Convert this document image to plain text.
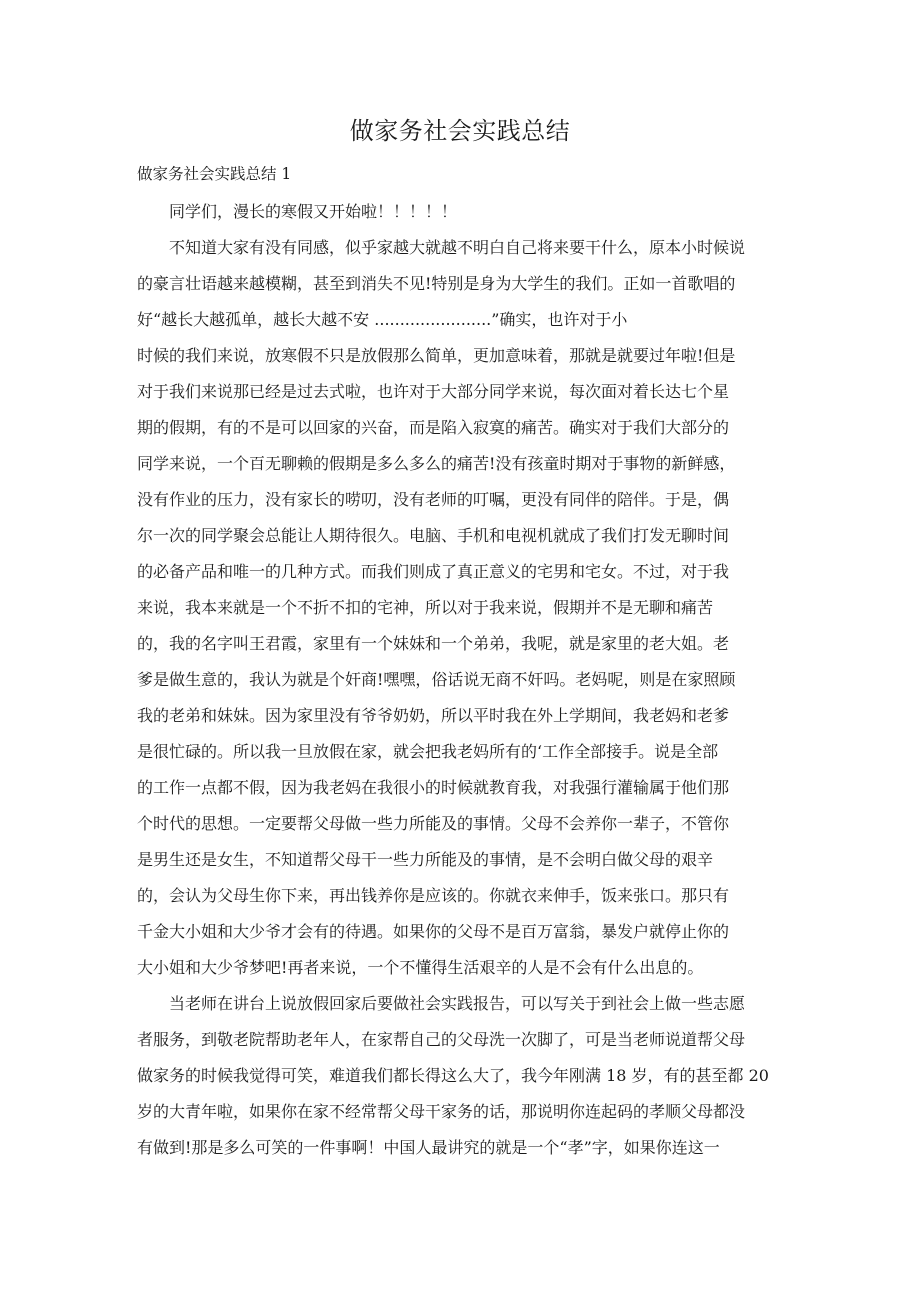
做家务社会实践总结
做家务社会实践总结 1
　　同学们，漫长的寒假又开始啦！！！！！
　　不知道大家有没有同感，似乎家越大就越不明白自己将来要干什么，原本小时候说
的豪言壮语越来越模糊，甚至到消失不见!特别是身为大学生的我们。正如一首歌唱的
好“越长大越孤单，越长大越不安 .......................”确实，也许对于小
时候的我们来说，放寒假不只是放假那么简单，更加意味着，那就是就要过年啦!但是
对于我们来说那已经是过去式啦，也许对于大部分同学来说，每次面对着长达七个星
期的假期，有的不是可以回家的兴奋，而是陷入寂寞的痛苦。确实对于我们大部分的
同学来说，一个百无聊赖的假期是多么多么的痛苦!没有孩童时期对于事物的新鲜感，
没有作业的压力，没有家长的唠叨，没有老师的叮嘱，更没有同伴的陪伴。于是，偶
尔一次的同学聚会总能让人期待很久。电脑、手机和电视机就成了我们打发无聊时间
的必备产品和唯一的几种方式。而我们则成了真正意义的宅男和宅女。不过，对于我
来说，我本来就是一个不折不扣的宅神，所以对于我来说，假期并不是无聊和痛苦
的，我的名字叫王君霞，家里有一个妹妹和一个弟弟，我呢，就是家里的老大姐。老
爹是做生意的，我认为就是个奸商!嘿嘿，俗话说无商不奸吗。老妈呢，则是在家照顾
我的老弟和妹妹。因为家里没有爷爷奶奶，所以平时我在外上学期间，我老妈和老爹
是很忙碌的。所以我一旦放假在家，就会把我老妈所有的‘工作全部接手。说是全部
的工作一点都不假，因为我老妈在我很小的时候就教育我，对我强行灌输属于他们那
个时代的思想。一定要帮父母做一些力所能及的事情。父母不会养你一辈子，不管你
是男生还是女生，不知道帮父母干一些力所能及的事情，是不会明白做父母的艰辛
的，会认为父母生你下来，再出钱养你是应该的。你就衣来伸手，饭来张口。那只有
千金大小姐和大少爷才会有的待遇。如果你的父母不是百万富翁，暴发户就停止你的
大小姐和大少爷梦吧!再者来说，一个不懂得生活艰辛的人是不会有什么出息的。
　　当老师在讲台上说放假回家后要做社会实践报告，可以写关于到社会上做一些志愿
者服务，到敬老院帮助老年人，在家帮自己的父母洗一次脚了，可是当老师说道帮父母
做家务的时候我觉得可笑，难道我们都长得这么大了，我今年刚满 18 岁，有的甚至都 20
岁的大青年啦，如果你在家不经常帮父母干家务的话，那说明你连起码的孝顺父母都没
有做到!那是多么可笑的一件事啊！中国人最讲究的就是一个“孝”字，如果你连这一
